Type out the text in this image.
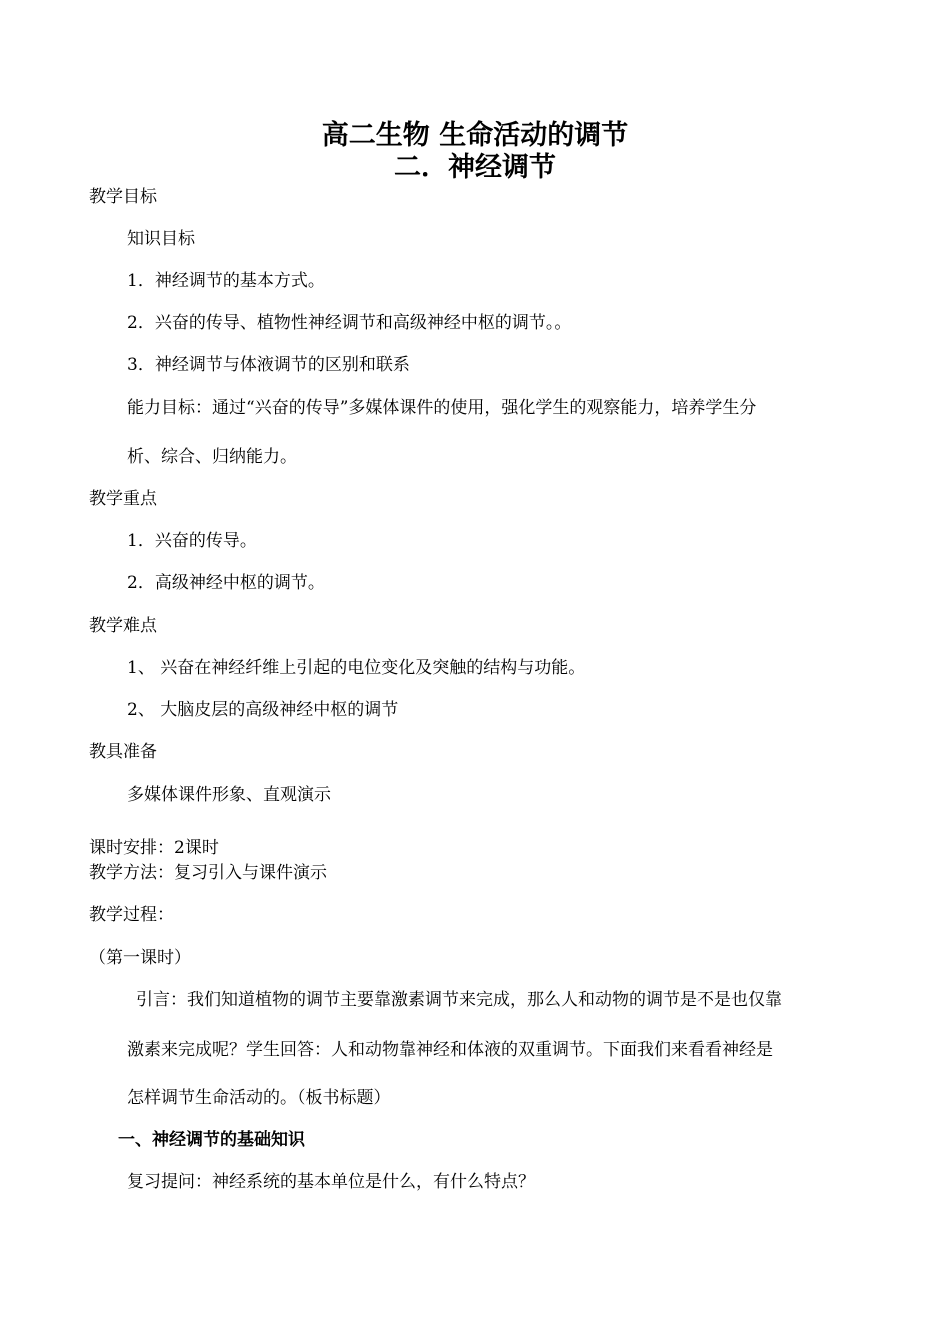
高二生物 生命活动的调节
二．神经调节
教学目标
知识目标
1．神经调节的基本方式。
2．兴奋的传导、植物性神经调节和高级神经中枢的调节。。
3．神经调节与体液调节的区别和联系
能力目标：通过“兴奋的传导”多媒体课件的使用，强化学生的观察能力，培养学生分
析、综合、归纳能力。
教学重点
1．兴奋的传导。
2．高级神经中枢的调节。
教学难点
1、 兴奋在神经纤维上引起的电位变化及突触的结构与功能。
2、 大脑皮层的高级神经中枢的调节
教具准备
多媒体课件形象、直观演示
课时安排：2课时
教学方法：复习引入与课件演示
教学过程：
（第一课时）
引言：我们知道植物的调节主要靠激素调节来完成，那么人和动物的调节是不是也仅靠
激素来完成呢？学生回答：人和动物靠神经和体液的双重调节。下面我们来看看神经是
怎样调节生命活动的。（板书标题）
一、神经调节的基础知识
复习提问：神经系统的基本单位是什么，有什么特点？
